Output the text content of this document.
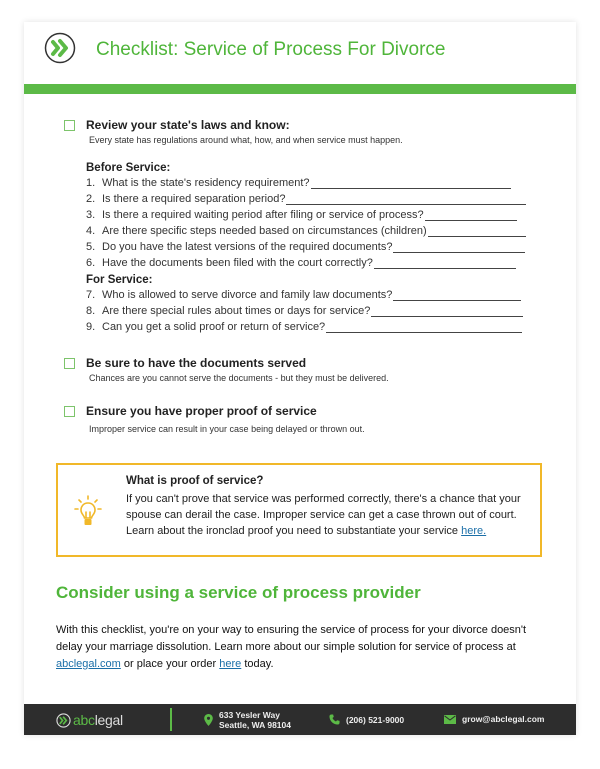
Checklist: Service of Process For Divorce
Review your state's laws and know:
Every state has regulations around what, how, and when service must happen.
Before Service:
1. What is the state's residency requirement?
2. Is there a required separation period?
3. Is there a required waiting period after filing or service of process?
4. Are there specific steps needed based on circumstances (children)
5. Do you have the latest versions of the required documents?
6. Have the documents been filed with the court correctly?
For Service:
7. Who is allowed to serve divorce and family law documents?
8. Are there special rules about times or days for service?
9. Can you get a solid proof or return of service?
Be sure to have the documents served
Chances are you cannot serve the documents - but they must be delivered.
Ensure you have proper proof of service
Improper service can result in your case being delayed or thrown out.
What is proof of service?
If you can't prove that service was performed correctly, there's a chance that your spouse can derail the case. Improper service can get a case thrown out of court. Learn about the ironclad proof you need to substantiate your service here.
Consider using a service of process provider
With this checklist, you're on your way to ensuring the service of process for your divorce doesn't delay your marriage dissolution. Learn more about our simple solution for service of process at abclegal.com or place your order here today.
abclegal	633 Yesler Way
Seattle, WA 98104
(206) 521-9000	grow@abclegal.com
